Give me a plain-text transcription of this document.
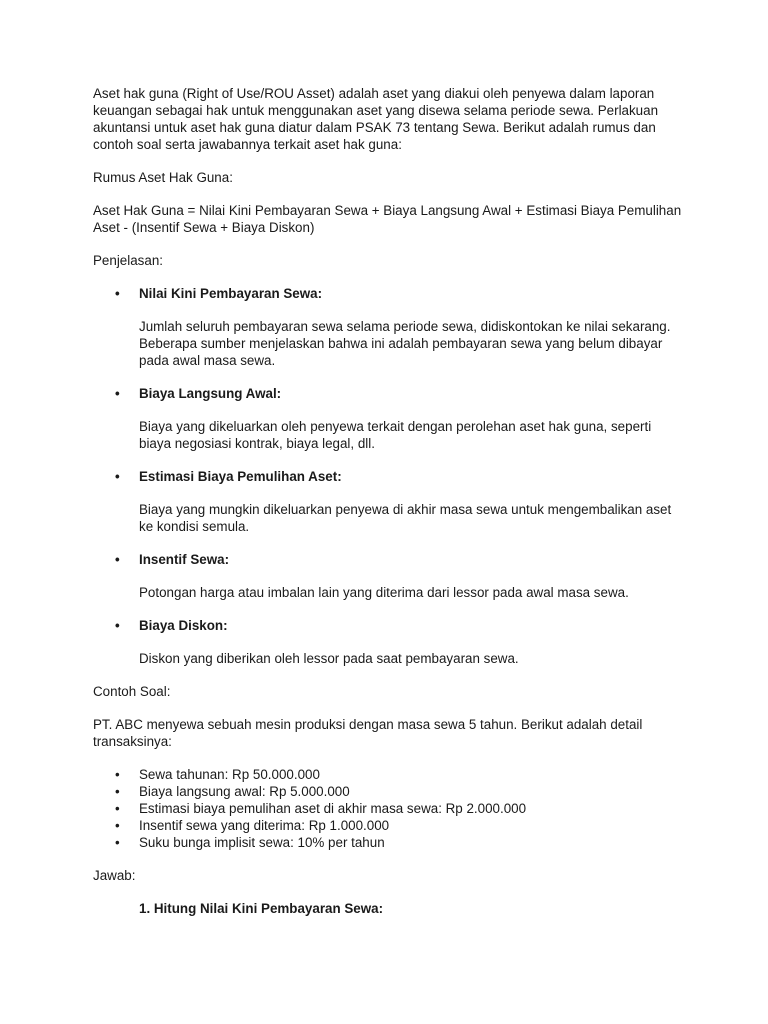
Aset hak guna (Right of Use/ROU Asset) adalah aset yang diakui oleh penyewa dalam laporan keuangan sebagai hak untuk menggunakan aset yang disewa selama periode sewa. Perlakuan akuntansi untuk aset hak guna diatur dalam PSAK 73 tentang Sewa. Berikut adalah rumus dan contoh soal serta jawabannya terkait aset hak guna:

Rumus Aset Hak Guna:

Aset Hak Guna = Nilai Kini Pembayaran Sewa + Biaya Langsung Awal + Estimasi Biaya Pemulihan Aset - (Insentif Sewa + Biaya Diskon)

Penjelasan:

• Nilai Kini Pembayaran Sewa:

Jumlah seluruh pembayaran sewa selama periode sewa, didiskontokan ke nilai sekarang. Beberapa sumber menjelaskan bahwa ini adalah pembayaran sewa yang belum dibayar pada awal masa sewa.

• Biaya Langsung Awal:

Biaya yang dikeluarkan oleh penyewa terkait dengan perolehan aset hak guna, seperti biaya negosiasi kontrak, biaya legal, dll.

• Estimasi Biaya Pemulihan Aset:

Biaya yang mungkin dikeluarkan penyewa di akhir masa sewa untuk mengembalikan aset ke kondisi semula.

• Insentif Sewa:

Potongan harga atau imbalan lain yang diterima dari lessor pada awal masa sewa.

• Biaya Diskon:

Diskon yang diberikan oleh lessor pada saat pembayaran sewa.

Contoh Soal:

PT. ABC menyewa sebuah mesin produksi dengan masa sewa 5 tahun. Berikut adalah detail transaksinya:

• Sewa tahunan: Rp 50.000.000
• Biaya langsung awal: Rp 5.000.000
• Estimasi biaya pemulihan aset di akhir masa sewa: Rp 2.000.000
• Insentif sewa yang diterima: Rp 1.000.000
• Suku bunga implisit sewa: 10% per tahun

Jawab:

1. Hitung Nilai Kini Pembayaran Sewa:
